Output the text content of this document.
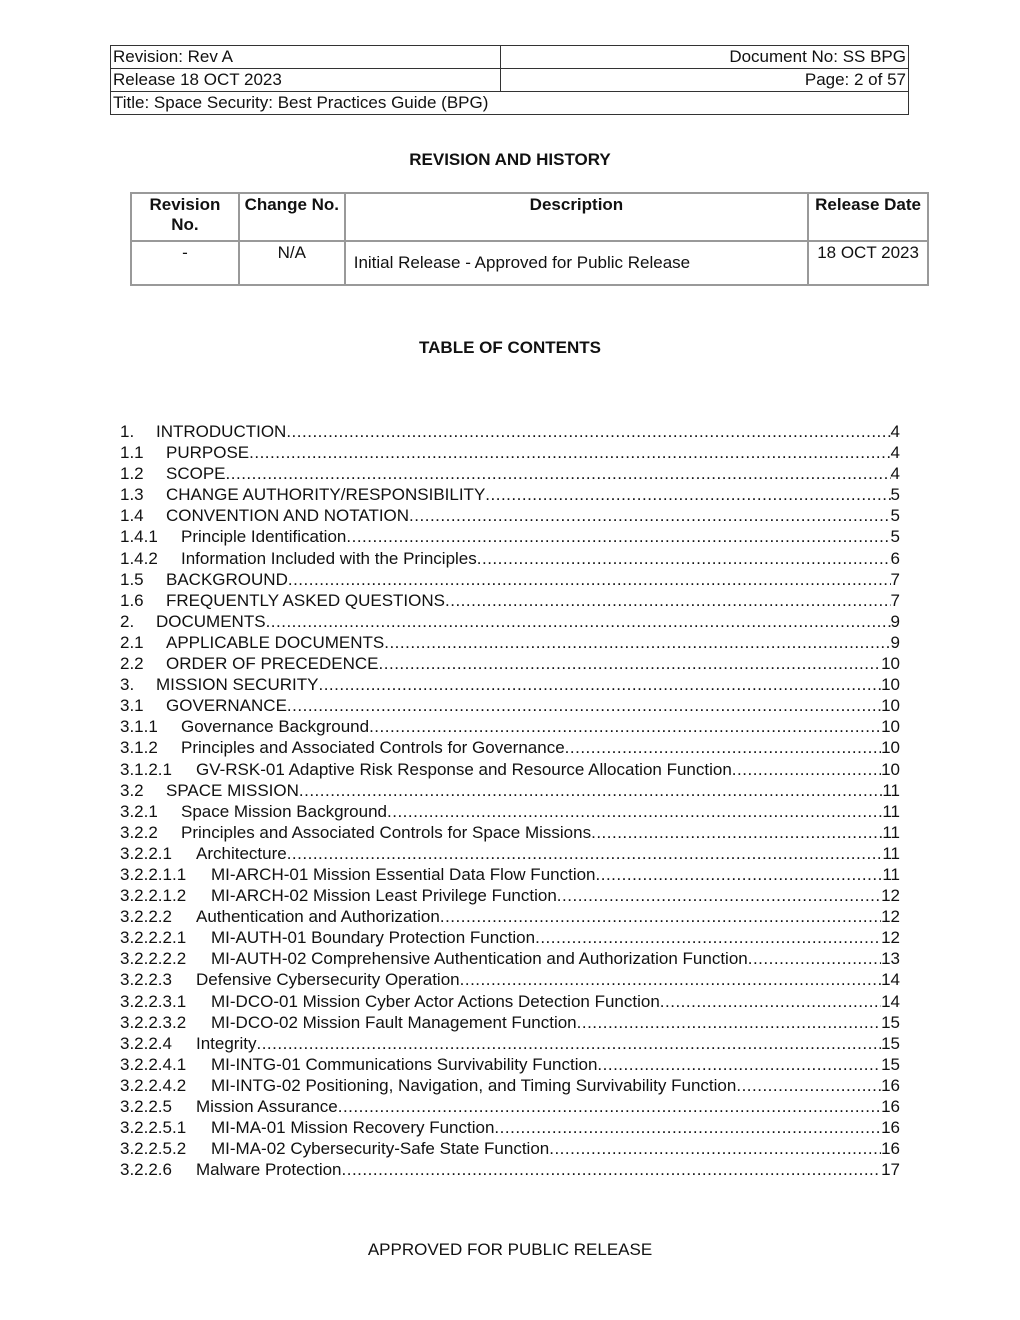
Revision: Rev A	Document No: SS BPG
Release 18 OCT 2023	Page: 2 of 57
Title: Space Security: Best Practices Guide (BPG)	
REVISION AND HISTORY
Revision No.	Change No.	Description	Release Date
-	N/A	Initial Release - Approved for Public Release	18 OCT 2023
TABLE OF CONTENTS
1.	INTRODUCTION .....	4
1.1	PURPOSE .....	4
1.2	SCOPE .....	4
1.3	CHANGE AUTHORITY/RESPONSIBILITY .....	5
1.4	CONVENTION AND NOTATION .....	5
1.4.1	Principle Identification .....	5
1.4.2	Information Included with the Principles .....	6
1.5	BACKGROUND .....	7
1.6	FREQUENTLY ASKED QUESTIONS .....	7
2.	DOCUMENTS .....	9
2.1	APPLICABLE DOCUMENTS .....	9
2.2	ORDER OF PRECEDENCE .....	10
3.	MISSION SECURITY .....	10
3.1	GOVERNANCE .....	10
3.1.1	Governance Background .....	10
3.1.2	Principles and Associated Controls for Governance .....	10
3.1.2.1	GV-RSK-01 Adaptive Risk Response and Resource Allocation Function .....	10
3.2	SPACE MISSION .....	11
3.2.1	Space Mission Background .....	11
3.2.2	Principles and Associated Controls for Space Missions .....	11
3.2.2.1	Architecture .....	11
3.2.2.1.1	MI-ARCH-01 Mission Essential Data Flow Function .....	11
3.2.2.1.2	MI-ARCH-02 Mission Least Privilege Function .....	12
3.2.2.2	Authentication and Authorization .....	12
3.2.2.2.1	MI-AUTH-01 Boundary Protection Function .....	12
3.2.2.2.2	MI-AUTH-02 Comprehensive Authentication and Authorization Function .....	13
3.2.2.3	Defensive Cybersecurity Operation .....	14
3.2.2.3.1	MI-DCO-01 Mission Cyber Actor Actions Detection Function .....	14
3.2.2.3.2	MI-DCO-02 Mission Fault Management Function .....	15
3.2.2.4	Integrity .....	15
3.2.2.4.1	MI-INTG-01 Communications Survivability Function .....	15
3.2.2.4.2	MI-INTG-02 Positioning, Navigation, and Timing Survivability Function .....	16
3.2.2.5	Mission Assurance .....	16
3.2.2.5.1	MI-MA-01 Mission Recovery Function .....	16
3.2.2.5.2	MI-MA-02 Cybersecurity-Safe State Function .....	16
3.2.2.6	Malware Protection .....	17
APPROVED FOR PUBLIC RELEASE
